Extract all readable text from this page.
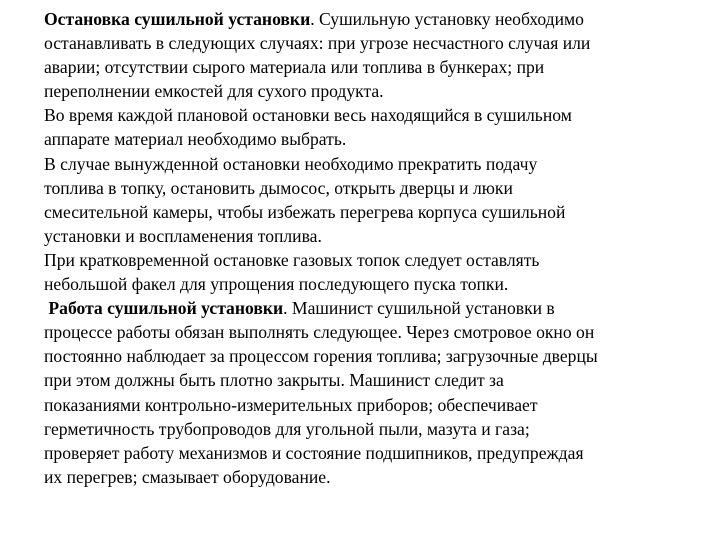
Остановка сушильной установки. Сушильную установку необходимо
останавливать в следующих случаях: при угрозе несчастного случая или
аварии; отсутствии сырого материала или топлива в бункерах; при
переполнении емкостей для сухого продукта.
Во время каждой плановой остановки весь находящийся в сушильном
аппарате материал необходимо выбрать.
В случае вынужденной остановки необходимо прекратить подачу
топлива в топку, остановить дымосос, открыть дверцы и люки
смесительной камеры, чтобы избежать перегрева корпуса сушильной
установки и воспламенения топлива.
При кратковременной остановке газовых топок следует оставлять
небольшой факел для упрощения последующего пуска топки.
Работа сушильной установки. Машинист сушильной установки в
процессе работы обязан выполнять следующее. Через смотровое окно он
постоянно наблюдает за процессом горения топлива; загрузочные дверцы
при этом должны быть плотно закрыты. Машинист следит за
показаниями контрольно-измерительных приборов; обеспечивает
герметичность трубопроводов для угольной пыли, мазута и газа;
проверяет работу механизмов и состояние подшипников, предупреждая
их перегрев; смазывает оборудование.
